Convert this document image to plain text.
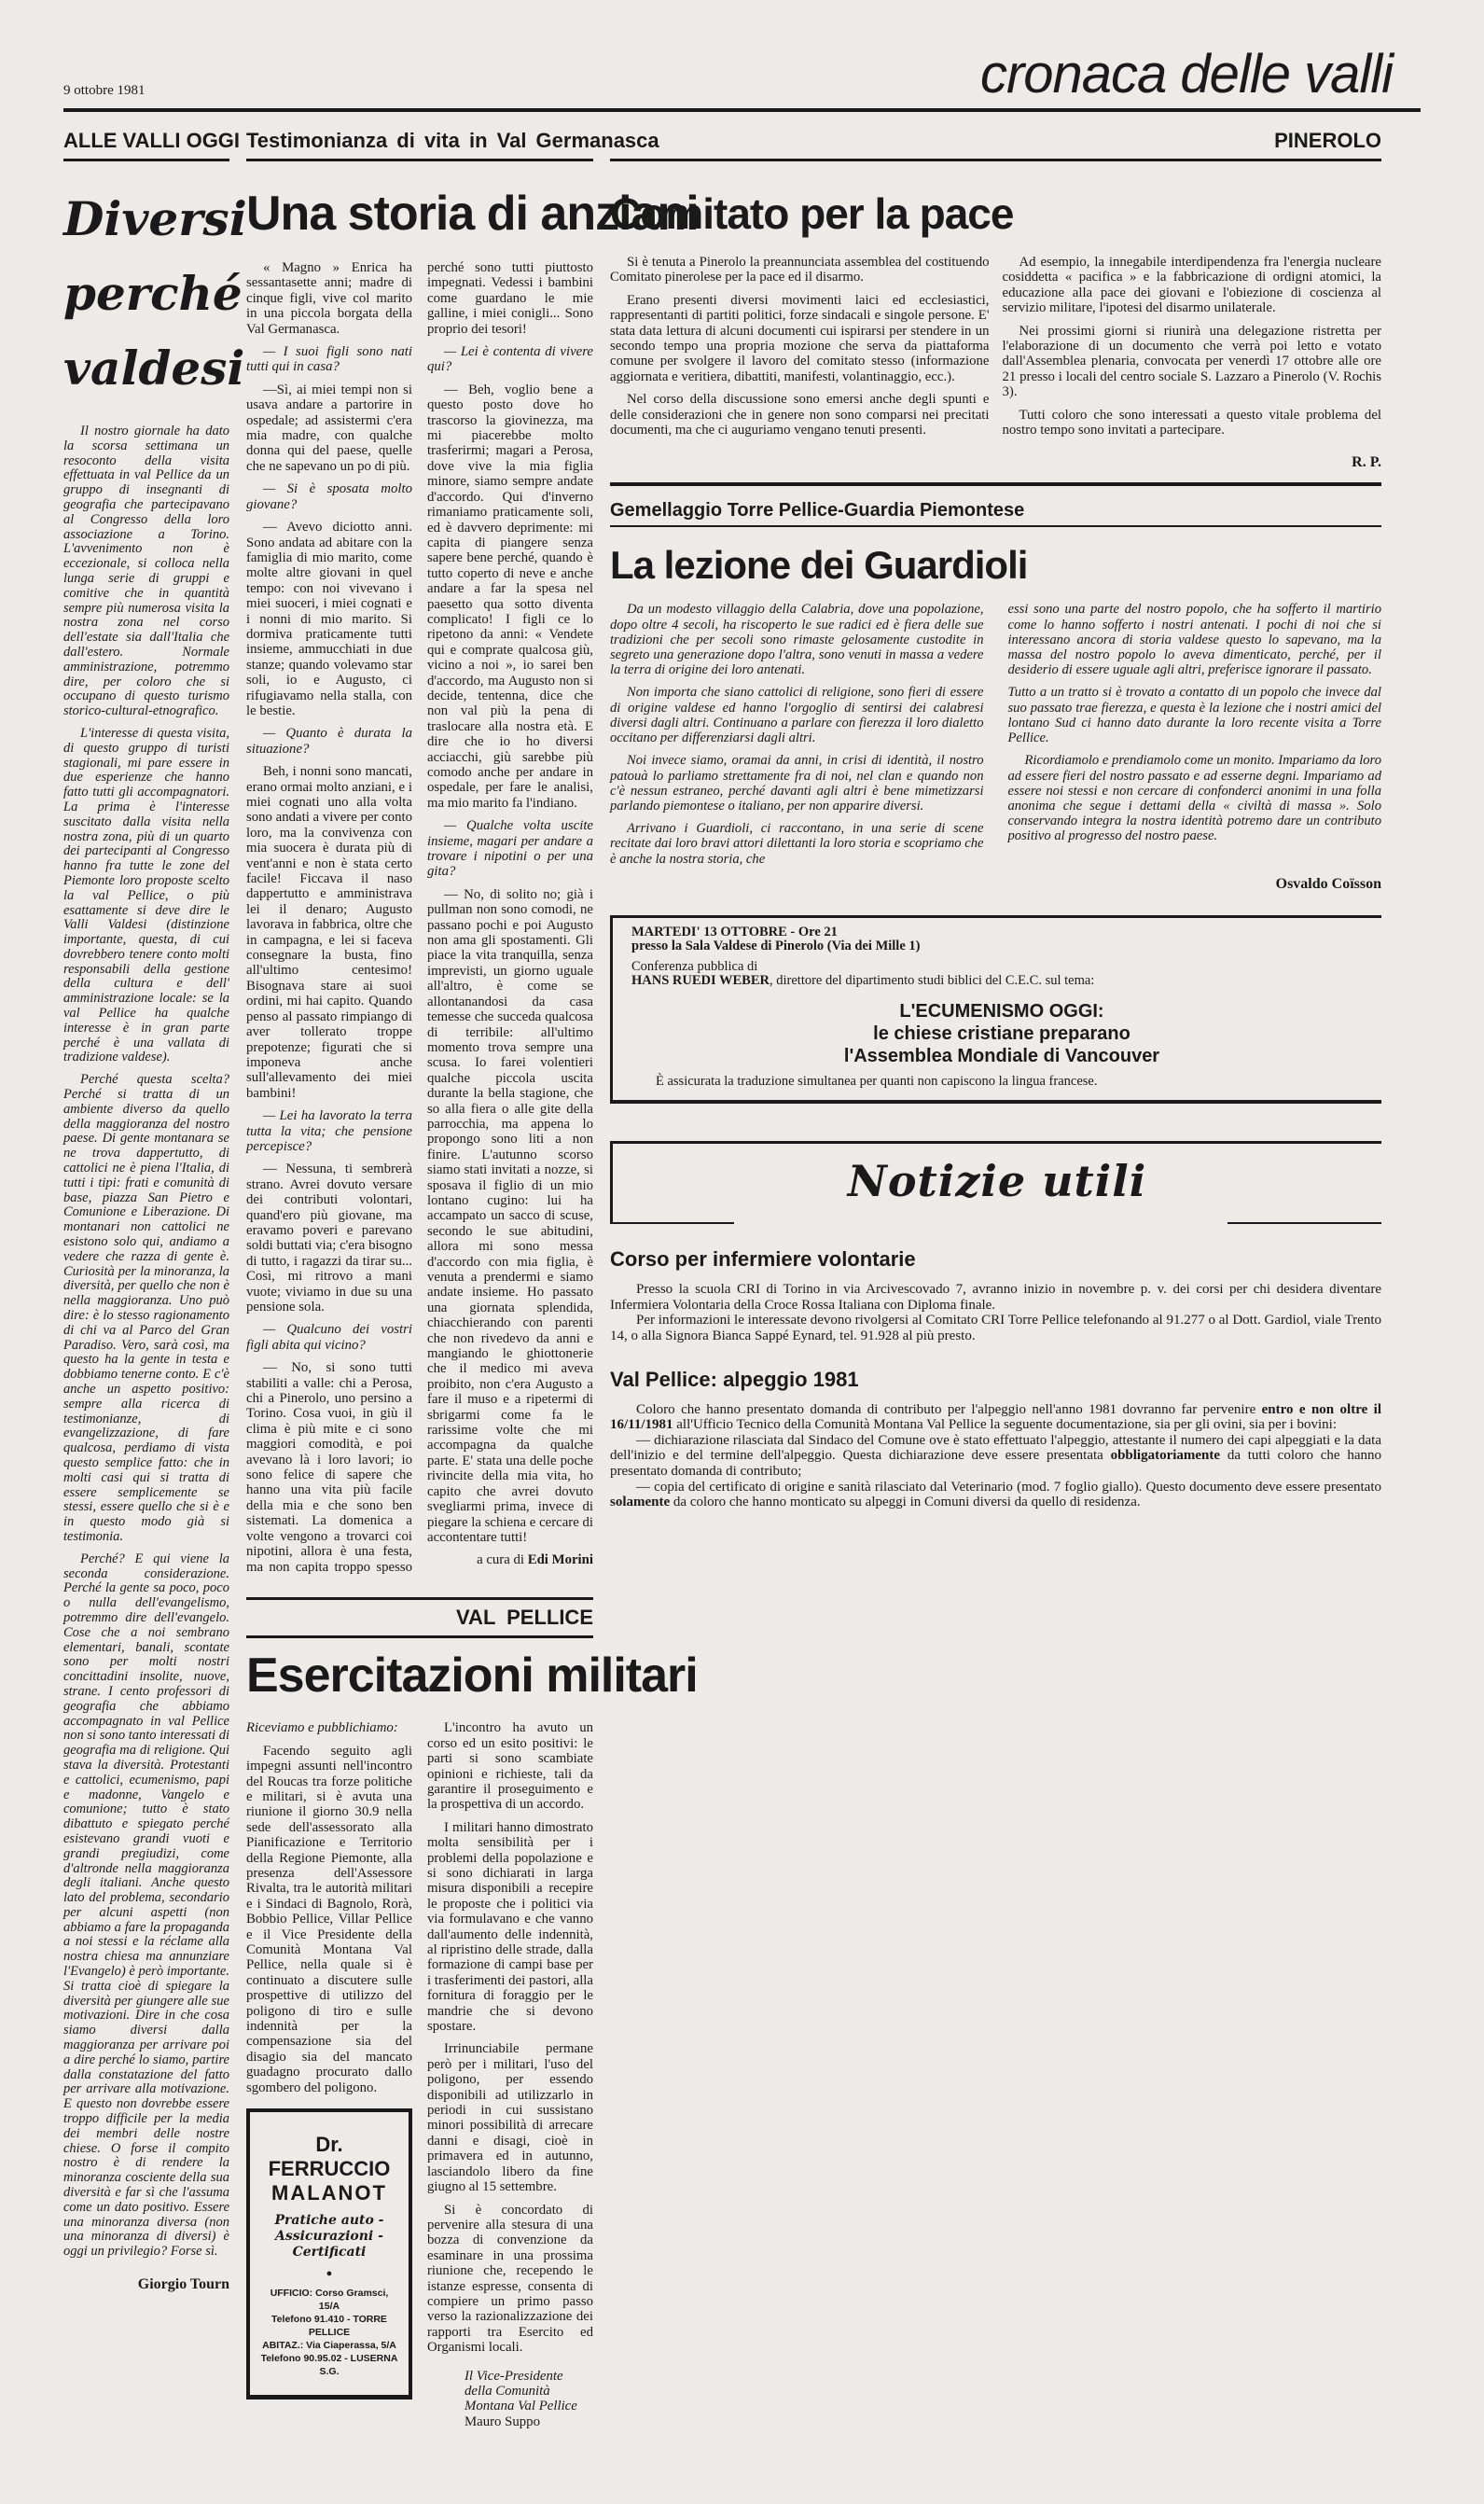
9 ottobre 1981	cronaca delle valli
ALLE VALLI OGGI
Diversi
perché
valdesi

Il nostro giornale ha dato la scorsa settimana un resoconto della visita effettuata in val Pellice da un gruppo di insegnanti di geografia che partecipavano al Congresso della loro associazione a Torino. L'avvenimento non è eccezionale, si colloca nella lunga serie di gruppi e comitive che in quantità sempre più numerosa visita la nostra zona nel corso dell'estate sia dall'Italia che dall'estero. Normale amministrazione, potremmo dire, per coloro che si occupano di questo turismo storico-cultural-etnografico.

L'interesse di questa visita, di questo gruppo di turisti stagionali, mi pare essere in due esperienze che hanno fatto tutti gli accompagnatori. La prima è l'interesse suscitato dalla visita nella nostra zona, più di un quarto dei partecipanti al Congresso hanno fra tutte le zone del Piemonte loro proposte scelto la val Pellice, o più esattamente si deve dire le Valli Valdesi (distinzione importante, questa, di cui dovrebbero tenere conto molti responsabili della gestione della cultura e dell' amministrazione locale: se la val Pellice ha qualche interesse è in gran parte perché è una vallata di tradizione valdese).

Perché questa scelta? Perché si tratta di un ambiente diverso da quello della maggioranza del nostro paese. Di gente montanara se ne trova dappertutto, di cattolici ne è piena l'Italia, di tutti i tipi: frati e comunità di base, piazza San Pietro e Comunione e Liberazione. Di montanari non cattolici ne esistono solo qui, andiamo a vedere che razza di gente è. Curiosità per la minoranza, la diversità, per quello che non è nella maggioranza. Uno può dire: è lo stesso ragionamento di chi va al Parco del Gran Paradiso. Vero, sarà così, ma questo ha la gente in testa e dobbiamo tenerne conto. E c'è anche un aspetto positivo: sempre alla ricerca di testimonianze, di evangelizzazione, di fare qualcosa, perdiamo di vista questo semplice fatto: che in molti casi qui si tratta di essere semplicemente se stessi, essere quello che si è e in questo modo già si testimonia.

Perché? E qui viene la seconda considerazione. Perché la gente sa poco, poco o nulla dell'evangelismo, potremmo dire dell'evangelo. Cose che a noi sembrano elementari, banali, scontate sono per molti nostri concittadini insolite, nuove, strane. I cento professori di geografia che abbiamo accompagnato in val Pellice non si sono tanto interessati di geografia ma di religione. Qui stava la diversità. Protestanti e cattolici, ecumenismo, papi e madonne, Vangelo e comunione; tutto è stato dibattuto e spiegato perché esistevano grandi vuoti e grandi pregiudizi, come d'altronde nella maggioranza degli italiani. Anche questo lato del problema, secondario per alcuni aspetti (non abbiamo a fare la propaganda a noi stessi e la réclame alla nostra chiesa ma annunziare l'Evangelo) è però importante. Si tratta cioè di spiegare la diversità per giungere alle sue motivazioni. Dire in che cosa siamo diversi dalla maggioranza per arrivare poi a dire perché lo siamo, partire dalla constatazione del fatto per arrivare alla motivazione. E questo non dovrebbe essere troppo difficile per la media dei membri delle nostre chiese. O forse il compito nostro è di rendere la minoranza cosciente della sua diversità e far sì che l'assuma come un dato positivo. Essere una minoranza diversa (non una minoranza di diversi) è oggi un privilegio? Forse sì.

Giorgio Tourn
Testimonianza di vita in Val Germanasca
Una storia di anziani

« Magno » Enrica ha sessantasette anni; madre di cinque figli, vive col marito in una piccola borgata della Val Germanasca.

— I suoi figli sono nati tutti qui in casa?

—Sì, ai miei tempi non si usava andare a partorire in ospedale; ad assistermi c'era mia madre, con qualche donna qui del paese, quelle che ne sapevano un po di più.

— Si è sposata molto giovane?

— Avevo diciotto anni. Sono andata ad abitare con la famiglia di mio marito, come molte altre giovani in quel tempo: con noi vivevano i miei suoceri, i miei cognati e i nonni di mio marito. Si dormiva praticamente tutti insieme, ammucchiati in due stanze; quando volevamo star soli, io e Augusto, ci rifugiavamo nella stalla, con le bestie.

— Quanto è durata la situazione?

Beh, i nonni sono mancati, erano ormai molto anziani, e i miei cognati uno alla volta sono andati a vivere per conto loro, ma la convivenza con mia suocera è durata più di vent'anni e non è stata certo facile! Ficcava il naso dappertutto e amministrava lei il denaro; Augusto lavorava in fabbrica, oltre che in campagna, e lei si faceva consegnare la busta, fino all'ultimo centesimo! Bisognava stare ai suoi ordini, mi hai capito. Quando penso al passato rimpiango di aver tollerato troppe prepotenze; figurati che si imponeva anche sull'allevamento dei miei bambini!

— Lei ha lavorato la terra tutta la vita; che pensione percepisce?

— Nessuna, ti sembrerà strano. Avrei dovuto versare dei contributi volontari, quand'ero più giovane, ma eravamo poveri e parevano soldi buttati via; c'era bisogno di tutto, i ragazzi da tirar su... Così, mi ritrovo a mani vuote; viviamo in due su una pensione sola.

— Qualcuno dei vostri figli abita qui vicino?

— No, si sono tutti stabiliti a valle: chi a Perosa, chi a Pinerolo, uno persino a Torino. Cosa vuoi, in giù il clima è più mite e ci sono maggiori comodità, e poi avevano là i loro lavori; io sono felice di sapere che hanno una vita più facile della mia e che sono ben sistemati. La domenica a volte vengono a trovarci coi nipotini, allora è una festa, ma non capita troppo spesso perché sono tutti piuttosto impegnati. Vedessi i bambini come guardano le mie galline, i miei conigli... Sono proprio dei tesori!

— Lei è contenta di vivere qui?

— Beh, voglio bene a questo posto dove ho trascorso la giovinezza, ma mi piacerebbe molto trasferirmi; magari a Perosa, dove vive la mia figlia minore, siamo sempre andate d'accordo. Qui d'inverno rimaniamo praticamente soli, ed è davvero deprimente: mi capita di piangere senza sapere bene perché, quando è tutto coperto di neve e anche andare a far la spesa nel paesetto qua sotto diventa complicato! I figli ce lo ripetono da anni: « Vendete qui e comprate qualcosa giù, vicino a noi », io sarei ben d'accordo, ma Augusto non si decide, tentenna, dice che non val più la pena di traslocare alla nostra età. E dire che io ho diversi acciacchi, giù sarebbe più comodo anche per andare in ospedale, per fare le analisi, ma mio marito fa l'indiano.

— Qualche volta uscite insieme, magari per andare a trovare i nipotini o per una gita?

— No, di solito no; già i pullman non sono comodi, ne passano pochi e poi Augusto non ama gli spostamenti. Gli piace la vita tranquilla, senza imprevisti, un giorno uguale all'altro, è come se allontanandosi da casa temesse che succeda qualcosa di terribile: all'ultimo momento trova sempre una scusa. Io farei volentieri qualche piccola uscita durante la bella stagione, che so alla fiera o alle gite della parrocchia, ma appena lo propongo sono liti a non finire. L'autunno scorso siamo stati invitati a nozze, si sposava il figlio di un mio lontano cugino: lui ha accampato un sacco di scuse, secondo le sue abitudini, allora mi sono messa d'accordo con mia figlia, è venuta a prendermi e siamo andate insieme. Ho passato una giornata splendida, chiacchierando con parenti che non rivedevo da anni e mangiando le ghiottonerie che il medico mi aveva proibito, non c'era Augusto a fare il muso e a ripetermi di sbrigarmi come fa le rarissime volte che mi accompagna da qualche parte. E' stata una delle poche rivincite della mia vita, ho capito che avrei dovuto svegliarmi prima, invece di piegare la schiena e cercare di accontentare tutti!

a cura di Edi Morini

VAL PELLICE
Esercitazioni militari

Riceviamo e pubblichiamo:

Facendo seguito agli impegni assunti nell'incontro del Roucas tra forze politiche e militari, si è avuta una riunione il giorno 30.9 nella sede dell'assessorato alla Pianificazione e Territorio della Regione Piemonte, alla presenza dell'Assessore Rivalta, tra le autorità militari e i Sindaci di Bagnolo, Rorà, Bobbio Pellice, Villar Pellice e il Vice Presidente della Comunità Montana Val Pellice, nella quale si è continuato a discutere sulle prospettive di utilizzo del poligono di tiro e sulle indennità per la compensazione sia del disagio sia del mancato guadagno procurato dallo sgombero del poligono.

Dr.
FERRUCCIO
MALANOT
Pratiche auto - Assicurazioni - Certificati
●
UFFICIO: Corso Gramsci, 15/A
Telefono 91.410 - TORRE PELLICE
ABITAZ.: Via Ciaperassa, 5/A
Telefono 90.95.02 - LUSERNA S.G.

L'incontro ha avuto un corso ed un esito positivi: le parti si sono scambiate opinioni e richieste, tali da garantire il proseguimento e la prospettiva di un accordo.

I militari hanno dimostrato molta sensibilità per i problemi della popolazione e si sono dichiarati in larga misura disponibili a recepire le proposte che i politici via via formulavano e che vanno dall'aumento delle indennità, al ripristino delle strade, dalla formazione di campi base per i trasferimenti dei pastori, alla fornitura di foraggio per le mandrie che si devono spostare.

Irrinunciabile permane però per i militari, l'uso del poligono, per essendo disponibili ad utilizzarlo in periodi in cui sussistano minori possibilità di arrecare danni e disagi, cioè in primavera ed in autunno, lasciandolo libero da fine giugno al 15 settembre.

Si è concordato di pervenire alla stesura di una bozza di convenzione da esaminare in una prossima riunione che, recependo le istanze espresse, consenta di compiere un primo passo verso la razionalizzazione dei rapporti tra Esercito ed Organismi locali.

Il Vice-Presidente della Comunità Montana Val Pellice Mauro Suppo

PINEROLO
Comitato per la pace

Si è tenuta a Pinerolo la preannunciata assemblea del costituendo Comitato pinerolese per la pace ed il disarmo.

Erano presenti diversi movimenti laici ed ecclesiastici, rappresentanti di partiti politici, forze sindacali e singole persone. E' stata data lettura di alcuni documenti cui ispirarsi per stendere in un secondo tempo una propria mozione che serva da piattaforma comune per svolgere il lavoro del comitato stesso (informazione aggiornata e veritiera, dibattiti, manifesti, volantinaggio, ecc.).

Nel corso della discussione sono emersi anche degli spunti e delle considerazioni che in genere non sono comparsi nei precitati documenti, ma che ci auguriamo vengano tenuti presenti.

Ad esempio, la innegabile interdipendenza fra l'energia nucleare cosiddetta « pacifica » e la fabbricazione di ordigni atomici, la educazione alla pace dei giovani e l'obiezione di coscienza al servizio militare, l'ipotesi del disarmo unilaterale.

Nei prossimi giorni si riunirà una delegazione ristretta per l'elaborazione di un documento che verrà poi letto e votato dall'Assemblea plenaria, convocata per venerdì 17 ottobre alle ore 21 presso i locali del centro sociale S. Lazzaro a Pinerolo (V. Rochis 3).

Tutti coloro che sono interessati a questo vitale problema del nostro tempo sono invitati a partecipare.

R. P.
Gemellaggio Torre Pellice-Guardia Piemontese
La lezione dei Guardioli

Da un modesto villaggio della Calabria, dove una popolazione, dopo oltre 4 secoli, ha riscoperto le sue radici ed è fiera delle sue tradizioni che per secoli sono rimaste gelosamente custodite in segreto una generazione dopo l'altra, sono venuti in massa a vedere la terra di origine dei loro antenati.

Non importa che siano cattolici di religione, sono fieri di essere di origine valdese ed hanno l'orgoglio di sentirsi dei calabresi diversi dagli altri. Continuano a parlare con fierezza il loro dialetto occitano per differenziarsi dagli altri.

Noi invece siamo, oramai da anni, in crisi di identità, il nostro patouà lo parliamo strettamente fra di noi, nel clan e quando non c'è nessun estraneo, perché davanti agli altri è bene mimetizzarsi parlando piemontese o italiano, per non apparire diversi.

Arrivano i Guardioli, ci raccontano, in una serie di scene recitate dai loro bravi attori dilettanti la loro storia e scopriamo che è anche la nostra storia, che

essi sono una parte del nostro popolo, che ha sofferto il martirio come lo hanno sofferto i nostri antenati. I pochi di noi che si interessano ancora di storia valdese questo lo sapevano, ma la massa del nostro popolo lo aveva dimenticato, perché, per il desiderio di essere uguale agli altri, preferisce ignorare il passato.

Tutto a un tratto si è trovato a contatto di un popolo che invece dal suo passato trae fierezza, e questa è la lezione che i nostri amici del lontano Sud ci hanno dato durante la loro recente visita a Torre Pellice.

Ricordiamolo e prendiamolo come un monito. Impariamo da loro ad essere fieri del nostro passato e ad esserne degni. Impariamo ad essere noi stessi e non cercare di confonderci anonimi in una folla anonima che segue i dettami della « civiltà di massa ». Solo conservando integra la nostra identità potremo dare un contributo positivo al progresso del nostro paese.

Osvaldo Coïsson

MARTEDI' 13 OTTOBRE - Ore 21

presso la Sala Valdese di Pinerolo (Via dei Mille 1)

Conferenza pubblica di

HANS RUEDI WEBER, direttore del dipartimento studi biblici del C.E.C. sul tema:

L'ECUMENISMO OGGI:

le chiese cristiane preparano

l'Assemblea Mondiale di Vancouver

È assicurata la traduzione simultanea per quanti non capiscono la lingua francese.

Notizie utili
Corso per infermiere volontarie

Presso la scuola CRI di Torino in via Arcivescovado 7, avranno inizio in novembre p. v. dei corsi per chi desidera diventare Infermiera Volontaria della Croce Rossa Italiana con Diploma finale.

Per informazioni le interessate devono rivolgersi al Comitato CRI Torre Pellice telefonando al 91.277 o al Dott. Gardiol, viale Trento 14, o alla Signora Bianca Sappé Eynard, tel. 91.928 al più presto.

Val Pellice: alpeggio 1981

Coloro che hanno presentato domanda di contributo per l'alpeggio nell'anno 1981 dovranno far pervenire entro e non oltre il 16/11/1981 all'Ufficio Tecnico della Comunità Montana Val Pellice la seguente documentazione, sia per gli ovini, sia per i bovini:

— dichiarazione rilasciata dal Sindaco del Comune ove è stato effettuato l'alpeggio, attestante il numero dei capi alpeggiati e la data dell'inizio e del termine dell'alpeggio. Questa dichiarazione deve essere presentata obbligatoriamente da tutti coloro che hanno presentato domanda di contributo;

— copia del certificato di origine e sanità rilasciato dal Veterinario (mod. 7 foglio giallo). Questo documento deve essere presentato solamente da coloro che hanno monticato su alpeggi in Comuni diversi da quello di residenza.
